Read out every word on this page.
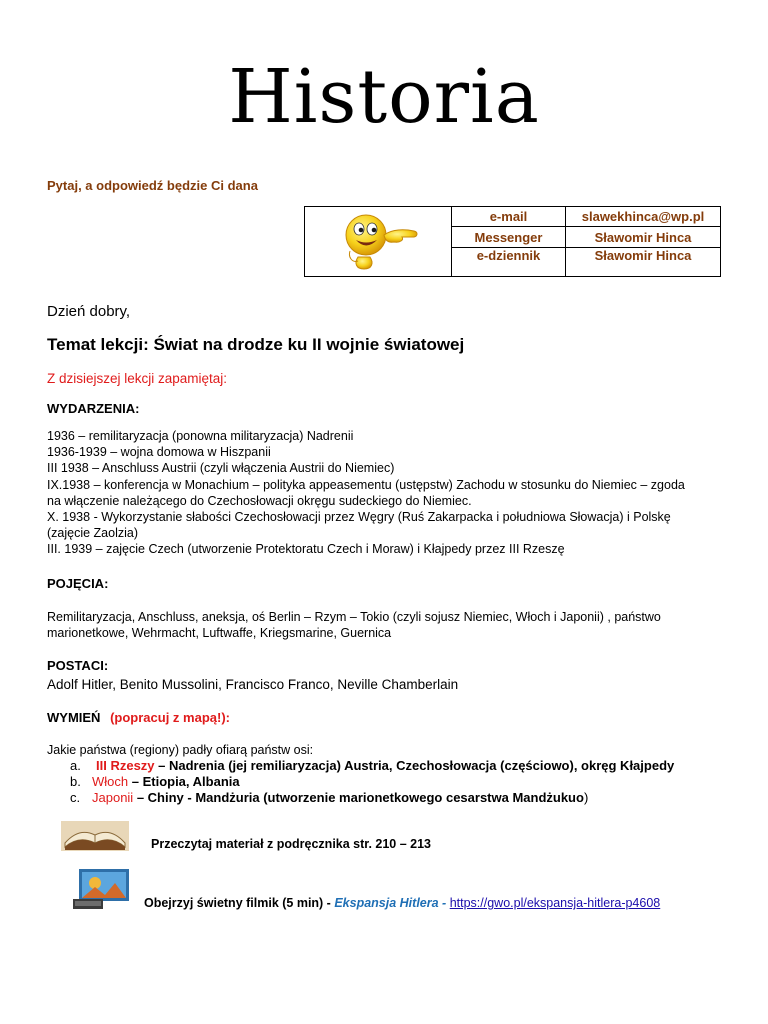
Historia
Pytaj, a odpowiedź będzie Ci dana
	e-mail	slawekhinca@wp.pl
	Messenger	Sławomir Hinca
	e-dziennik	Sławomir Hinca
Dzień dobry,
Temat lekcji: Świat na drodze ku II wojnie światowej
Z dzisiejszej lekcji zapamiętaj:
WYDARZENIA:
1936 – remilitaryzacja (ponowna militaryzacja) Nadrenii
1936-1939 – wojna domowa w Hiszpanii
III 1938 – Anschluss Austrii (czyli włączenia Austrii do Niemiec)
IX.1938 – konferencja w Monachium – polityka appeasementu (ustępstw) Zachodu w stosunku do Niemiec – zgoda
na włączenie należącego do Czechosłowacji okręgu sudeckiego do Niemiec.
X. 1938 - Wykorzystanie słabości Czechosłowacji przez Węgry (Ruś Zakarpacka i południowa Słowacja) i Polskę
(zajęcie Zaolzia)
III. 1939 – zajęcie Czech (utworzenie Protektoratu Czech i Moraw) i Kłajpedy przez III Rzeszę
POJĘCIA:
Remilitaryzacja, Anschluss, aneksja, oś Berlin – Rzym – Tokio (czyli sojusz Niemiec, Włoch i Japonii) , państwo
marionetkowe, Wehrmacht, Luftwaffe, Kriegsmarine, Guernica
POSTACI:
Adolf Hitler, Benito Mussolini, Francisco Franco, Neville Chamberlain
WYMIEŃ (popracuj z mapą!):
Jakie państwa (regiony) padły ofiarą państw osi:
a.	III Rzeszy – Nadrenia (jej remiliaryzacja) Austria, Czechosłowacja (częściowo), okręg Kłajpedy
b. Włoch – Etiopia, Albania
c. Japonii – Chiny - Mandżuria (utworzenie marionetkowego cesarstwa Mandżukuo)
Przeczytaj materiał z podręcznika str. 210 – 213
Obejrzyj świetny filmik (5 min) - Ekspansja Hitlera - https://gwo.pl/ekspansja-hitlera-p4608
